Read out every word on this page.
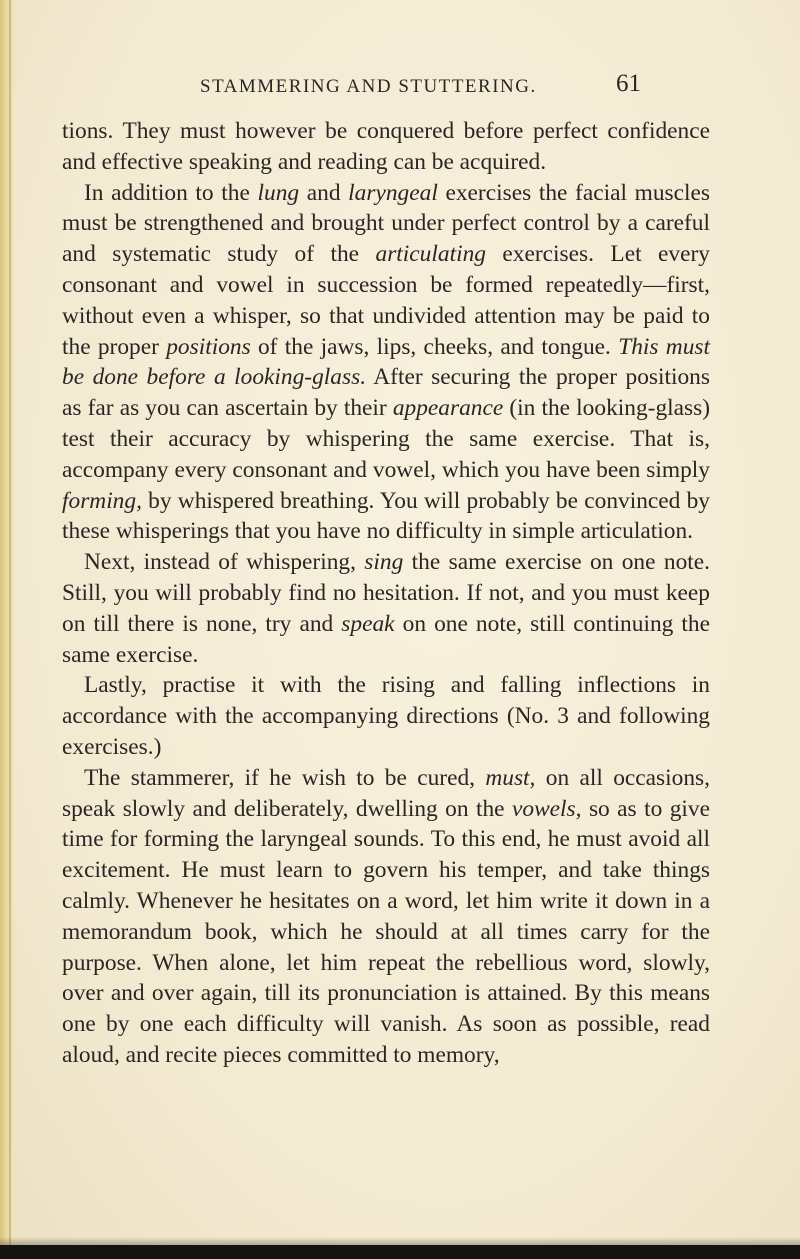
STAMMERING AND STUTTERING.	61

tions. They must however be conquered before perfect confidence and effective speaking and reading can be acquired.

In addition to the lung and laryngeal exercises the facial muscles must be strengthened and brought under perfect control by a careful and systematic study of the articulating exercises. Let every consonant and vowel in succession be formed repeatedly—first, without even a whisper, so that undivided attention may be paid to the proper positions of the jaws, lips, cheeks, and tongue. This must be done before a looking-glass. After securing the proper positions as far as you can ascertain by their appearance (in the looking-glass) test their accuracy by whispering the same exercise. That is, accompany every consonant and vowel, which you have been simply forming, by whispered breathing. You will probably be convinced by these whisperings that you have no difficulty in simple articulation.

Next, instead of whispering, sing the same exercise on one note. Still, you will probably find no hesitation. If not, and you must keep on till there is none, try and speak on one note, still continuing the same exercise.

Lastly, practise it with the rising and falling inflections in accordance with the accompanying directions (No. 3 and following exercises.)

The stammerer, if he wish to be cured, must, on all occasions, speak slowly and deliberately, dwelling on the vowels, so as to give time for forming the laryngeal sounds. To this end, he must avoid all excitement. He must learn to govern his temper, and take things calmly. Whenever he hesitates on a word, let him write it down in a memorandum book, which he should at all times carry for the purpose. When alone, let him repeat the rebellious word, slowly, over and over again, till its pronunciation is attained. By this means one by one each difficulty will vanish. As soon as possible, read aloud, and recite pieces committed to memory,
